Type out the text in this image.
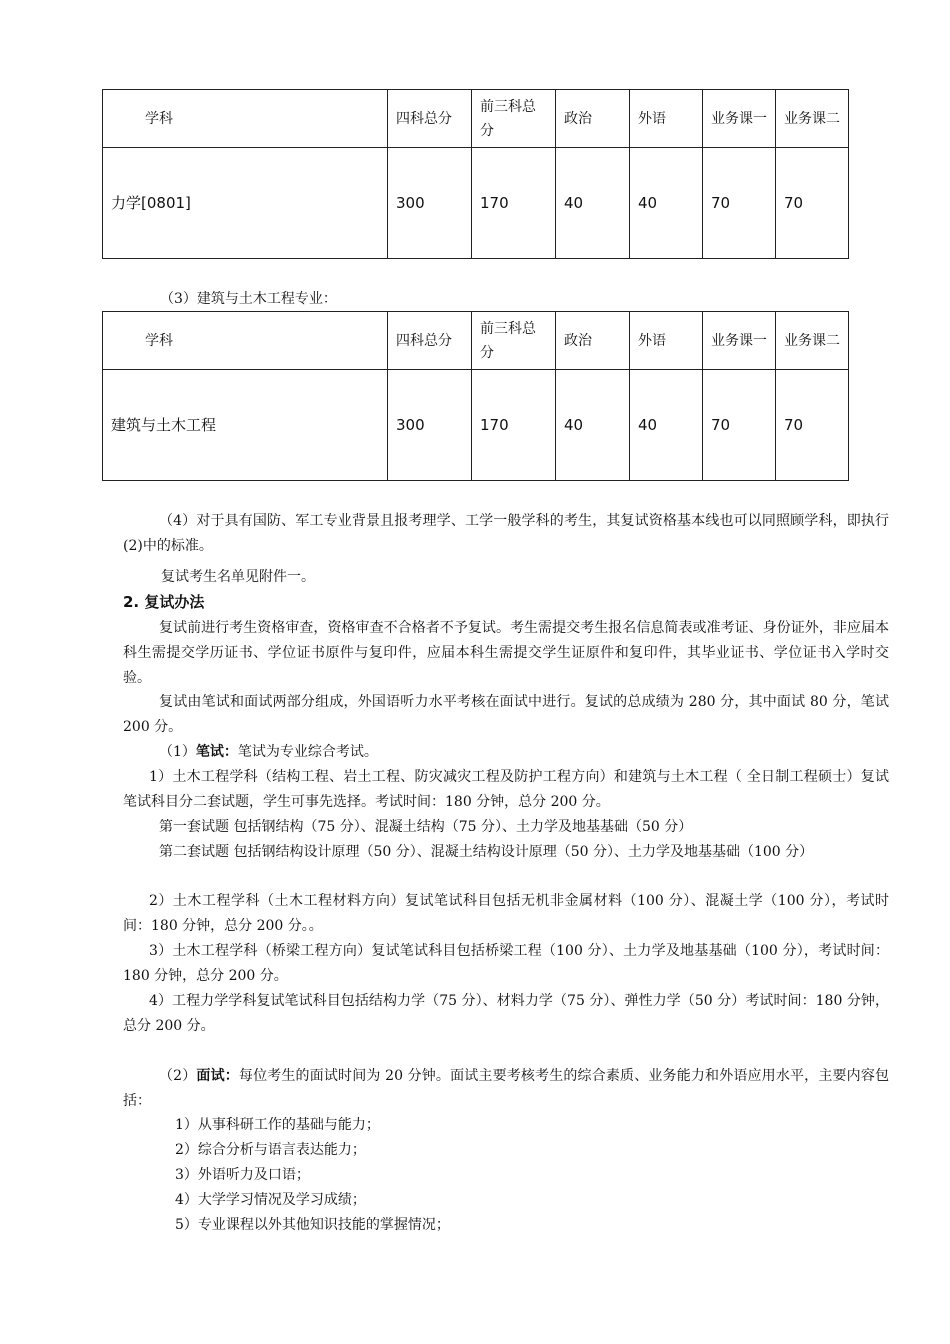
学科	四科总分	前三科总分	政治	外语	业务课一	业务课二
力学[0801]	300	170	40	40	70	70
（3）建筑与土木工程专业：
学科	四科总分	前三科总分	政治	外语	业务课一	业务课二
建筑与土木工程	300	170	40	40	70	70
（4）对于具有国防、军工专业背景且报考理学、工学一般学科的考生，其复试资格基本线也可以同照顾学科，即执行(2)中的标准。
复试考生名单见附件一。
2. 复试办法
复试前进行考生资格审查，资格审查不合格者不予复试。考生需提交考生报名信息简表或准考证、身份证外，非应届本科生需提交学历证书、学位证书原件与复印件，应届本科生需提交学生证原件和复印件，其毕业证书、学位证书入学时交验。
复试由笔试和面试两部分组成，外国语听力水平考核在面试中进行。复试的总成绩为 280 分，其中面试 80 分，笔试 200 分。
（1）笔试：笔试为专业综合考试。
1）土木工程学科（结构工程、岩土工程、防灾减灾工程及防护工程方向）和建筑与土木工程（ 全日制工程硕士）复试笔试科目分二套试题，学生可事先选择。考试时间：180 分钟，总分 200 分。
第一套试题 包括钢结构（75 分）、混凝土结构（75 分）、土力学及地基基础（50 分）
第二套试题 包括钢结构设计原理（50 分）、混凝土结构设计原理（50 分）、土力学及地基基础（100 分）
2）土木工程学科（土木工程材料方向）复试笔试科目包括无机非金属材料（100 分）、混凝土学（100 分），考试时间：180 分钟，总分 200 分。。
3）土木工程学科（桥梁工程方向）复试笔试科目包括桥梁工程（100 分）、土力学及地基基础（100 分），考试时间：180 分钟，总分 200 分。
4）工程力学学科复试笔试科目包括结构力学（75 分）、材料力学（75 分）、弹性力学（50 分）考试时间：180 分钟，总分 200 分。
（2）面试：每位考生的面试时间为 20 分钟。面试主要考核考生的综合素质、业务能力和外语应用水平，主要内容包括：
1）从事科研工作的基础与能力；
2）综合分析与语言表达能力；
3）外语听力及口语；
4）大学学习情况及学习成绩；
5）专业课程以外其他知识技能的掌握情况；
